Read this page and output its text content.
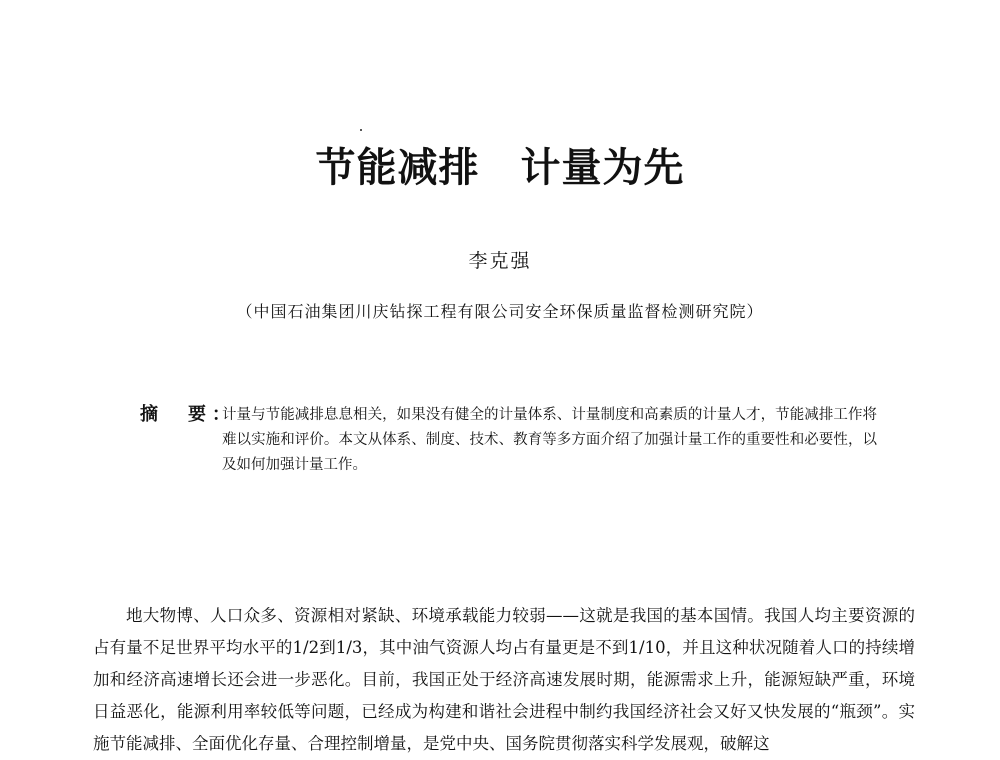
节能减排　计量为先
李克强
（中国石油集团川庆钻探工程有限公司安全环保质量监督检测研究院）
摘　要：
计量与节能减排息息相关，如果没有健全的计量体系、计量制度和高素质的计量人才，节能减排工作将难以实施和评价。本文从体系、制度、技术、教育等多方面介绍了加强计量工作的重要性和必要性，以及如何加强计量工作。
地大物博、人口众多、资源相对紧缺、环境承载能力较弱——这就是我国的基本国情。我国人均主要资源的占有量不足世界平均水平的1/2到1/3，其中油气资源人均占有量更是不到1/10，并且这种状况随着人口的持续增加和经济高速增长还会进一步恶化。目前，我国正处于经济高速发展时期，能源需求上升，能源短缺严重，环境日益恶化，能源利用率较低等问题，已经成为构建和谐社会进程中制约我国经济社会又好又快发展的“瓶颈”。实施节能减排、全面优化存量、合理控制增量，是党中央、国务院贯彻落实科学发展观，破解这
